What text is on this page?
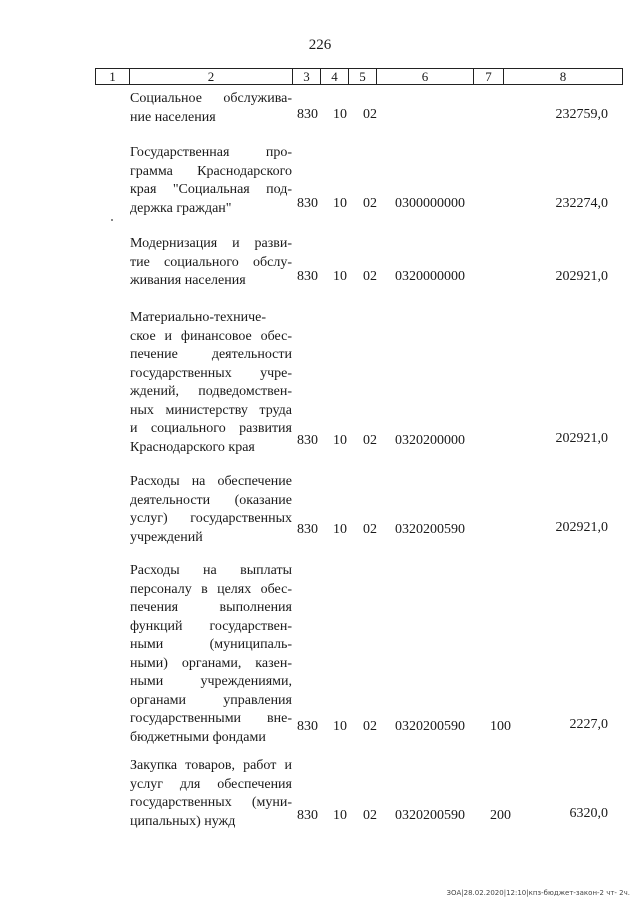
226
1	2	3	4	5	6	7	8
Социальное обслужива-
ние населения	830 10 02	232759,0
Государственная про-
грамма Краснодарского
края "Социальная под-
держка граждан"	830 10 02 0300000000	232274,0
Модернизация и разви-
тие социального обслу-
живания населения	830 10 02 0320000000	202921,0
Материально-техниче-
ское и финансовое обес-
печение деятельности
государственных учре-
ждений, подведомствен-
ных министерству труда
и социального развития
Краснодарского края	830 10 02 0320200000	202921,0
Расходы на обеспечение
деятельности (оказание
услуг) государственных
учреждений	830 10 02 0320200590	202921,0
Расходы на выплаты
персоналу в целях обес-
печения выполнения
функций государствен-
ными (муниципаль-
ными) органами, казен-
ными учреждениями,
органами управления
государственными вне-
бюджетными фондами
830 10 02 0320200590 100	2227,0
Закупка товаров, работ и
услуг для обеспечения
государственных (муни-
ципальных) нужд	830 10 02 0320200590 200	6320,0
ЗОА|28.02.2020|12:10|кпз-бюджет-закон-2 чт- 2ч.
